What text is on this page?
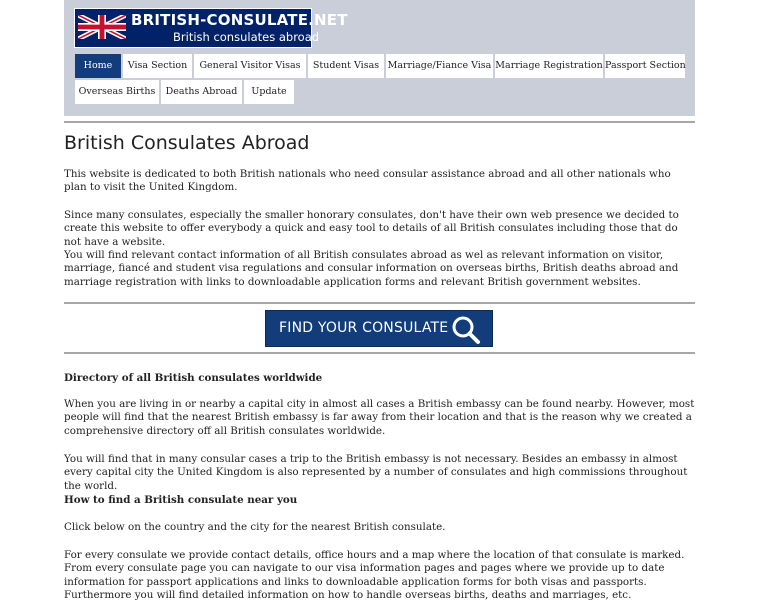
BRITISH-CONSULATE.NET
British consulates abroad
Home	Visa Section	General Visitor Visas	Student Visas Marriage/Fiance Visa Marriage Registration Passport Section
Overseas Births	Deaths Abroad	Update
British Consulates Abroad

This website is dedicated to both British nationals who need consular assistance abroad and all other nationals who plan to visit the United Kingdom.

Since many consulates, especially the smaller honorary consulates, don't have their own web presence we decided to create this website to offer everybody a quick and easy tool to details of all British consulates including those that do not have a website.

You will find relevant contact information of all British consulates abroad as wel as relevant information on visitor, marriage, fiancé and student visa regulations and consular information on overseas births, British deaths abroad and marriage registration with links to downloadable application forms and relevant British government websites.

FIND YOUR CONSULATE

Directory of all British consulates worldwide

When you are living in or nearby a capital city in almost all cases a British embassy can be found nearby. However, most people will find that the nearest British embassy is far away from their location and that is the reason why we created a comprehensive directory off all British consulates worldwide.

You will find that in many consular cases a trip to the British embassy is not necessary. Besides an embassy in almost every capital city the United Kingdom is also represented by a number of consulates and high commissions throughout the world.

How to find a British consulate near you

Click below on the country and the city for the nearest British consulate.

For every consulate we provide contact details, office hours and a map where the location of that consulate is marked. From every consulate page you can navigate to our visa information pages and pages where we provide up to date information for passport applications and links to downloadable application forms for both visas and passports. Furthermore you will find detailed information on how to handle overseas births, deaths and marriages, etc.
